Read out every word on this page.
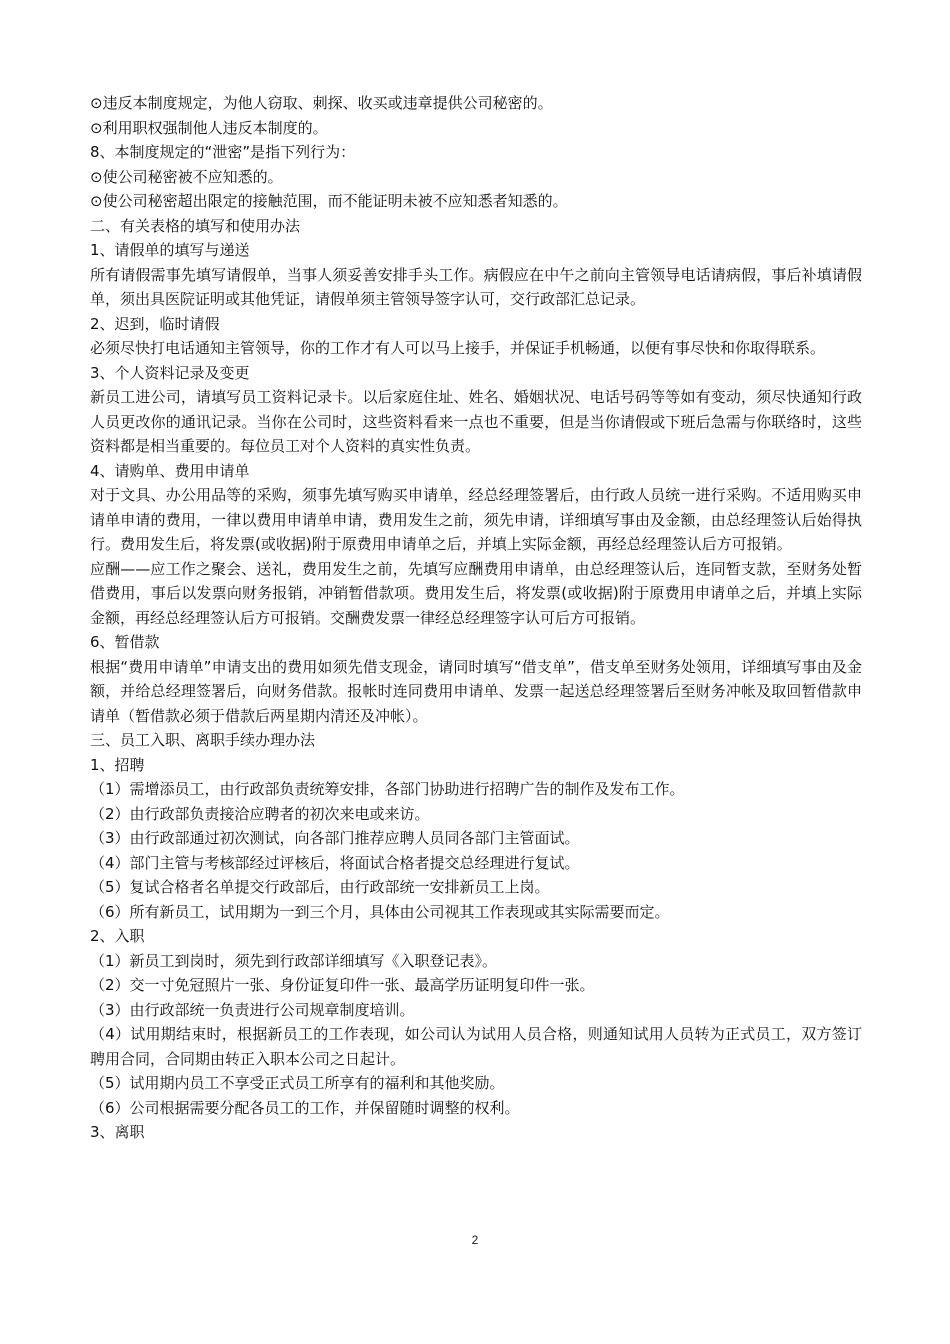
⊙违反本制度规定，为他人窃取、刺探、收买或违章提供公司秘密的。

⊙利用职权强制他人违反本制度的。

8、本制度规定的“泄密”是指下列行为：

⊙使公司秘密被不应知悉的。

⊙使公司秘密超出限定的接触范围，而不能证明未被不应知悉者知悉的。

二、有关表格的填写和使用办法

1、请假单的填写与递送

所有请假需事先填写请假单，当事人须妥善安排手头工作。病假应在中午之前向主管领导电话请病假，事后补填请假单，须出具医院证明或其他凭证，请假单须主管领导签字认可，交行政部汇总记录。

2、迟到，临时请假

必须尽快打电话通知主管领导，你的工作才有人可以马上接手，并保证手机畅通，以便有事尽快和你取得联系。

3、个人资料记录及变更

新员工进公司，请填写员工资料记录卡。以后家庭住址、姓名、婚姻状况、电话号码等等如有变动，须尽快通知行政人员更改你的通讯记录。当你在公司时，这些资料看来一点也不重要，但是当你请假或下班后急需与你联络时，这些资料都是相当重要的。每位员工对个人资料的真实性负责。

4、请购单、费用申请单

对于文具、办公用品等的采购，须事先填写购买申请单，经总经理签署后，由行政人员统一进行采购。不适用购买申请单申请的费用，一律以费用申请单申请，费用发生之前，须先申请，详细填写事由及金额，由总经理签认后始得执行。费用发生后，将发票(或收据)附于原费用申请单之后，并填上实际金额，再经总经理签认后方可报销。

应酬——应工作之聚会、送礼，费用发生之前，先填写应酬费用申请单，由总经理签认后，连同暂支款，至财务处暂借费用，事后以发票向财务报销，冲销暂借款项。费用发生后，将发票(或收据)附于原费用申请单之后，并填上实际金额，再经总经理签认后方可报销。交酬费发票一律经总经理签字认可后方可报销。

6、暂借款

根据“费用申请单”申请支出的费用如须先借支现金，请同时填写“借支单”，借支单至财务处领用，详细填写事由及金额，并给总经理签署后，向财务借款。报帐时连同费用申请单、发票一起送总经理签署后至财务冲帐及取回暂借款申请单（暂借款必须于借款后两星期内清还及冲帐）。

三、员工入职、离职手续办理办法

1、招聘

（1）需增添员工，由行政部负责统筹安排，各部门协助进行招聘广告的制作及发布工作。

（2）由行政部负责接洽应聘者的初次来电或来访。

（3）由行政部通过初次测试，向各部门推荐应聘人员同各部门主管面试。

（4）部门主管与考核部经过评核后，将面试合格者提交总经理进行复试。

（5）复试合格者名单提交行政部后，由行政部统一安排新员工上岗。

（6）所有新员工，试用期为一到三个月，具体由公司视其工作表现或其实际需要而定。

2、入职

（1）新员工到岗时，须先到行政部详细填写《入职登记表》。

（2）交一寸免冠照片一张、身份证复印件一张、最高学历证明复印件一张。

（3）由行政部统一负责进行公司规章制度培训。

（4）试用期结束时，根据新员工的工作表现，如公司认为试用人员合格，则通知试用人员转为正式员工，双方签订聘用合同，合同期由转正入职本公司之日起计。

（5）试用期内员工不享受正式员工所享有的福利和其他奖励。

（6）公司根据需要分配各员工的工作，并保留随时调整的权利。

3、离职

2
